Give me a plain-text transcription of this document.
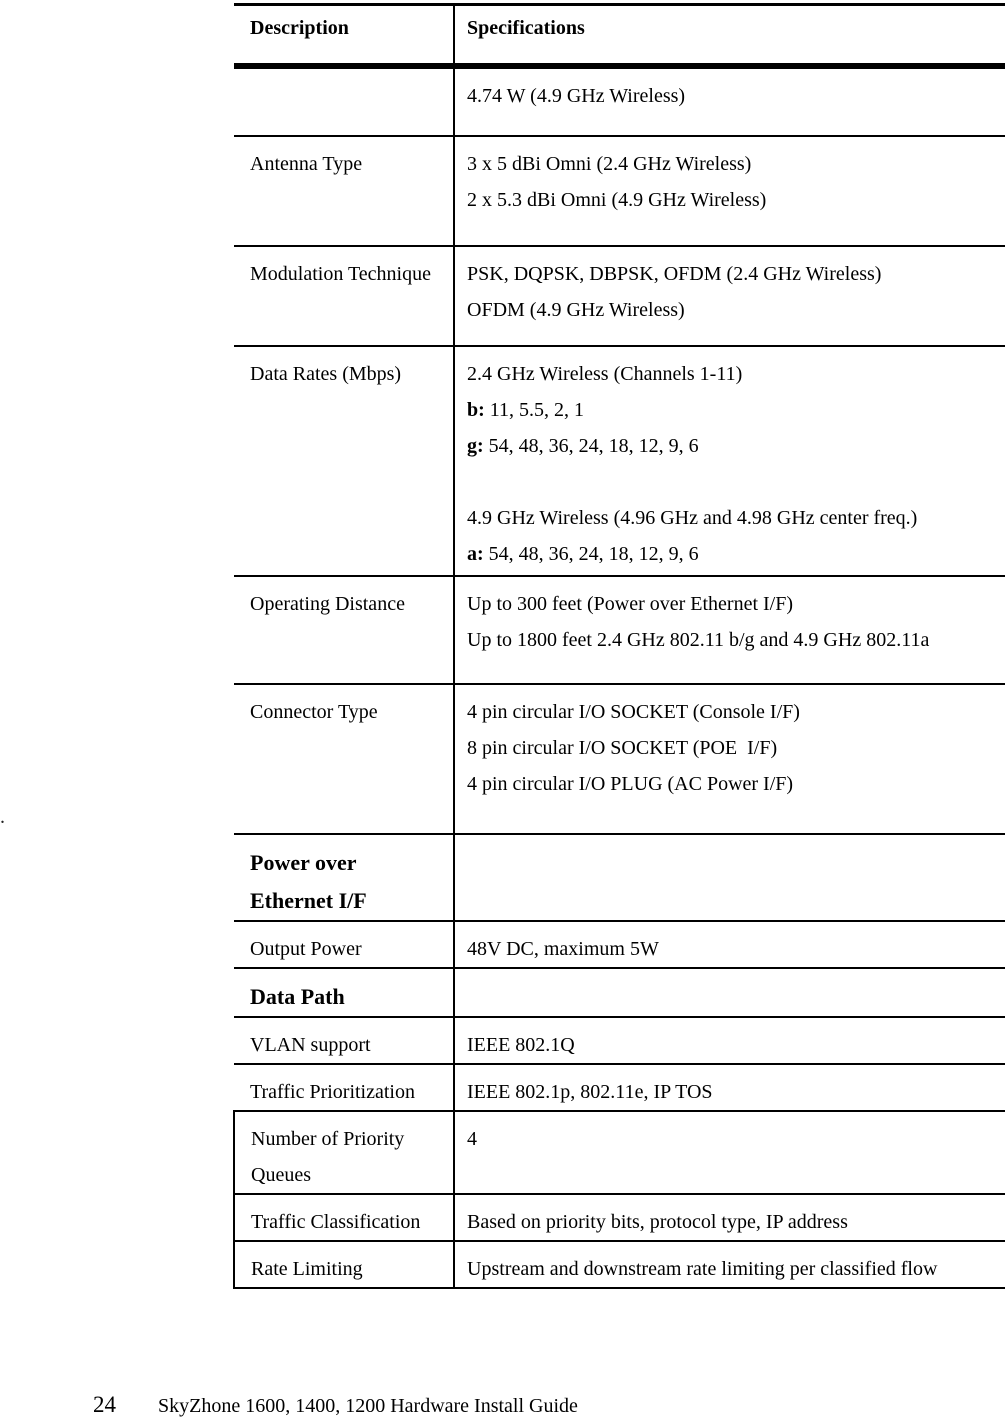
.
Description	Specifications

	4.74 W (4.9 GHz Wireless)

Antenna Type	3 x 5 dBi Omni (2.4 GHz Wireless)
2 x 5.3 dBi Omni (4.9 GHz Wireless)

Modulation Technique	PSK, DQPSK, DBPSK, OFDM (2.4 GHz Wireless)
OFDM (4.9 GHz Wireless)

Data Rates (Mbps)	2.4 GHz Wireless (Channels 1-11)
b: 11, 5.5, 2, 1
g: 54, 48, 36, 24, 18, 12, 9, 6

4.9 GHz Wireless (4.96 GHz and 4.98 GHz center freq.)
a: 54, 48, 36, 24, 18, 12, 9, 6

Operating Distance	Up to 300 feet (Power over Ethernet I/F)
Up to 1800 feet 2.4 GHz 802.11 b/g and 4.9 GHz 802.11a

Connector Type	4 pin circular I/O SOCKET (Console I/F)
8 pin circular I/O SOCKET (POE  I/F)
4 pin circular I/O PLUG (AC Power I/F)

Power over
Ethernet I/F	

Output Power	48V DC, maximum 5W

Data Path	

VLAN support	IEEE 802.1Q

Traffic Prioritization	IEEE 802.1p, 802.11e, IP TOS

Number of Priority
Queues	4

Traffic Classification	Based on priority bits, protocol type, IP address

Rate Limiting	Upstream and downstream rate limiting per classified flow
24 SkyZhone 1600, 1400, 1200 Hardware Install Guide
